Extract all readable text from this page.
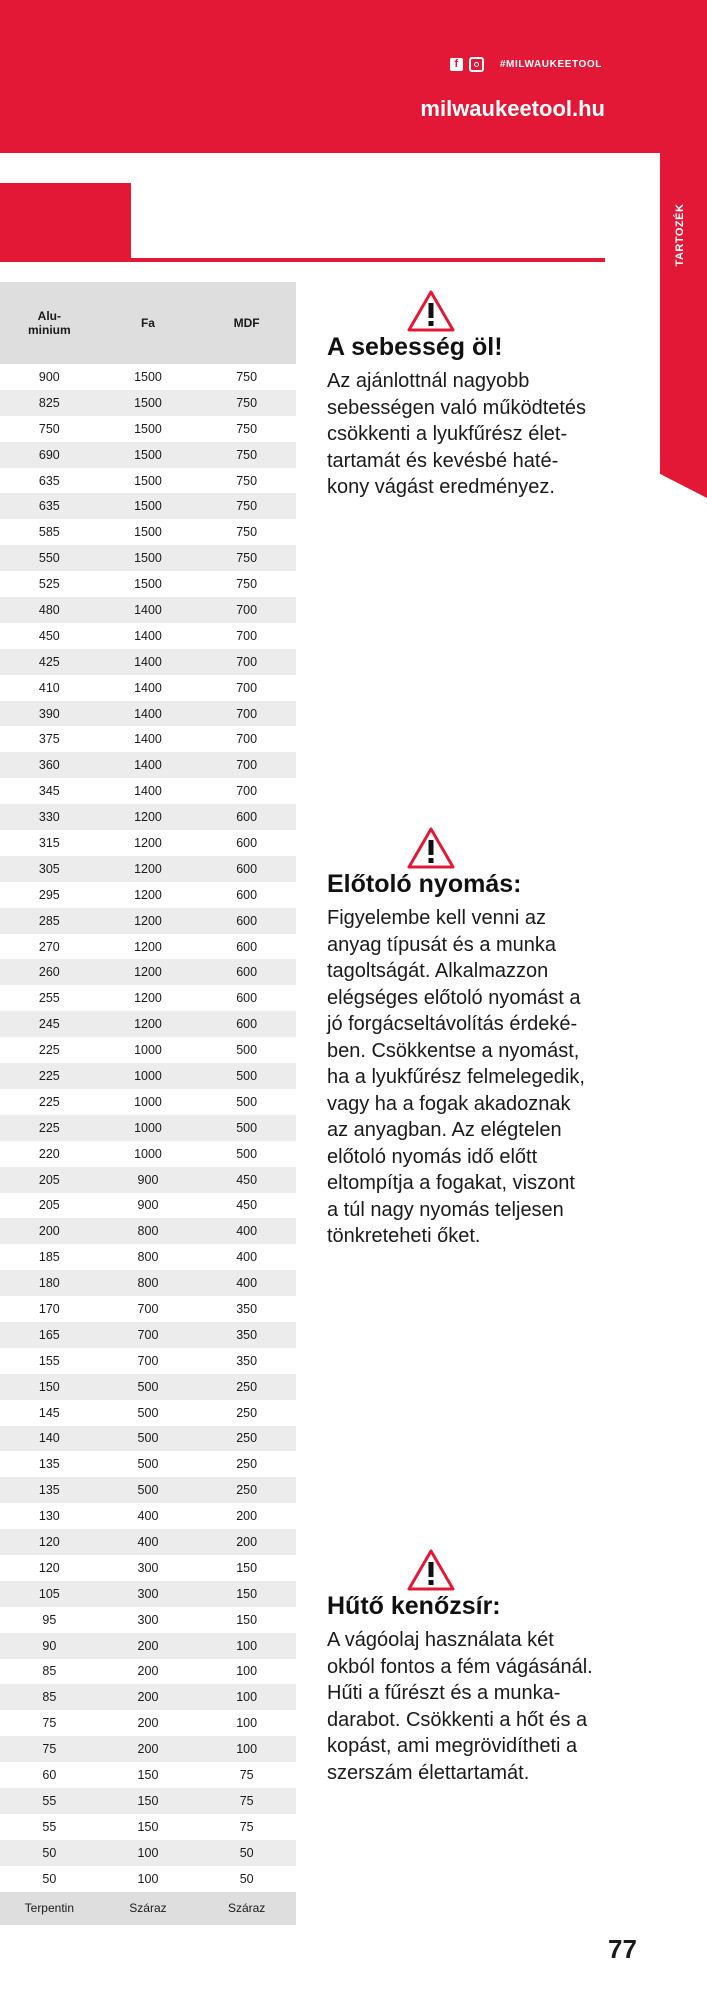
f	#MILWAUKEETOOL
milwaukeetool.hu
TARTOZÉK
Alu-
minium	Fa	MDF
900	1500	750
825	1500	750
750	1500	750
690	1500	750
635	1500	750
635	1500	750
585	1500	750
550	1500	750
525	1500	750
480	1400	700
450	1400	700
425	1400	700
410	1400	700
390	1400	700
375	1400	700
360	1400	700
345	1400	700
330	1200	600
315	1200	600
305	1200	600
295	1200	600
285	1200	600
270	1200	600
260	1200	600
255	1200	600
245	1200	600
225	1000	500
225	1000	500
225	1000	500
225	1000	500
220	1000	500
205	900	450
205	900	450
200	800	400
185	800	400
180	800	400
170	700	350
165	700	350
155	700	350
150	500	250
145	500	250
140	500	250
135	500	250
135	500	250
130	400	200
120	400	200
120	300	150
105	300	150
95	300	150
90	200	100
85	200	100
85	200	100
75	200	100
75	200	100
60	150	75
55	150	75
55	150	75
50	100	50
50	100	50
Terpentin	Száraz	Száraz
A sebesség öl!

Az ajánlottnál nagyobb
sebességen való működtetés
csökkenti a lyukfűrész élet-
tartamát és kevésbé haté-
kony vágást eredményez.

Előtoló nyomás:

Figyelembe kell venni az
anyag típusát és a munka
tagoltságát. Alkalmazzon
elégséges előtoló nyomást a
jó forgácseltávolítás érdeké-
ben. Csökkentse a nyomást,
ha a lyukfűrész felmelegedik,
vagy ha a fogak akadoznak
az anyagban. Az elégtelen
előtoló nyomás idő előtt
eltompítja a fogakat, viszont
a túl nagy nyomás teljesen
tönkreteheti őket.

Hűtő kenőzsír:

A vágóolaj használata két
okból fontos a fém vágásánál.
Hűti a fűrészt és a munka-
darabot. Csökkenti a hőt és a
kopást, ami megrövidítheti a
szerszám élettartamát.

77
